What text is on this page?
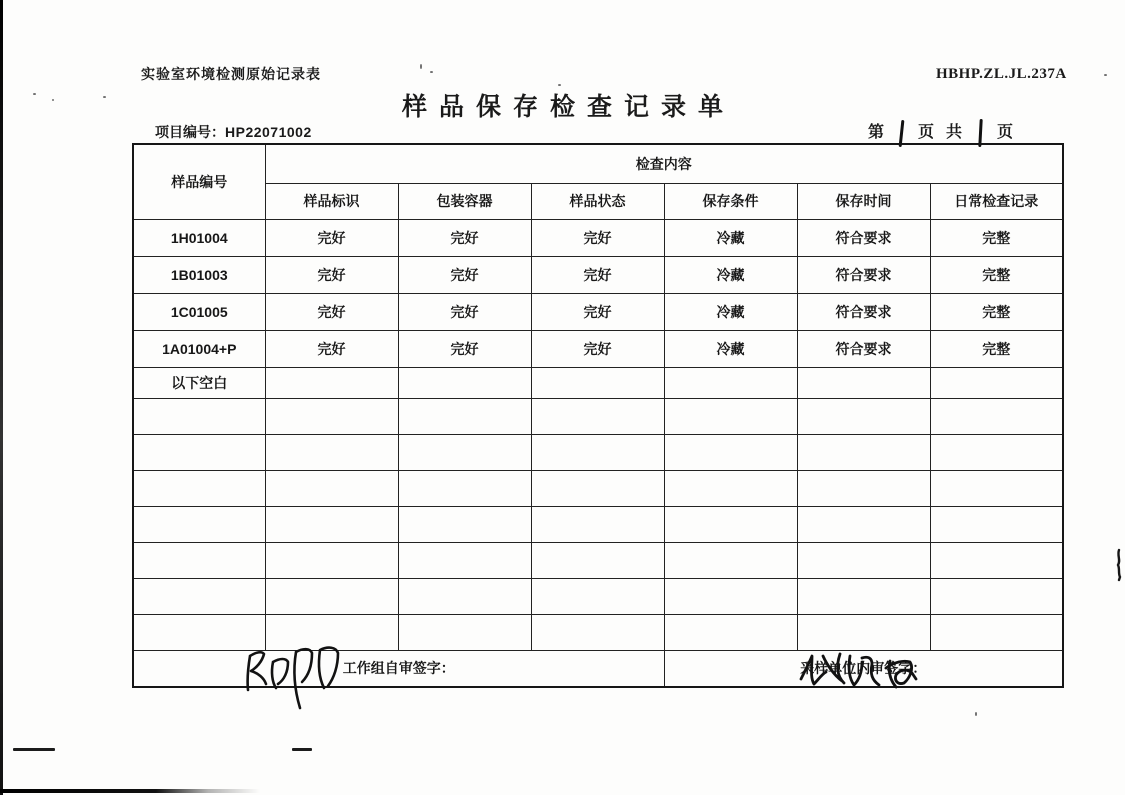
实验室环境检测原始记录表	HBHP.ZL.JL.237A
样品保存检查记录单
项目编号：HP22071002	第 页 共 页
样品编号	检查内容					
	样品标识	包装容器	样品状态	保存条件	保存时间	日常检查记录
1H01004	完好	完好	完好	冷藏	符合要求	完整
1B01003	完好	完好	完好	冷藏	符合要求	完整
1C01005	完好	完好	完好	冷藏	符合要求	完整
1A01004+P	完好	完好	完好	冷藏	符合要求	完整
以下空白						

工作组自审签字：				采样单位内审签字：		
